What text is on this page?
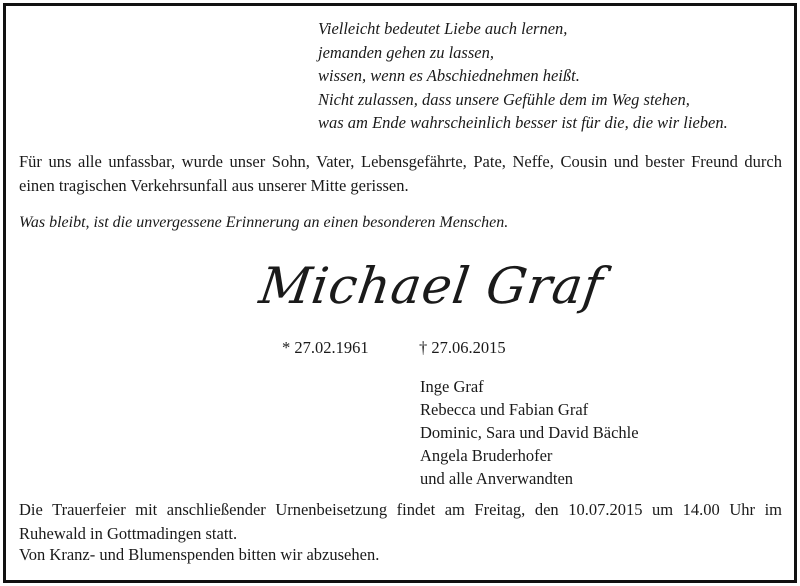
Vielleicht bedeutet Liebe auch lernen,
jemanden gehen zu lassen,
wissen, wenn es Abschiednehmen heißt.
Nicht zulassen, dass unsere Gefühle dem im Weg stehen,
was am Ende wahrscheinlich besser ist für die, die wir lieben.
Für uns alle unfassbar, wurde unser Sohn, Vater, Lebensgefährte, Pate, Neffe, Cousin und bester Freund durch einen tragischen Verkehrsunfall aus unserer Mitte gerissen.
Was bleibt, ist die unvergessene Erinnerung an einen besonderen Menschen.
Michael Graf
* 27.02.1961	† 27.06.2015
Inge Graf
Rebecca und Fabian Graf
Dominic, Sara und David Bächle
Angela Bruderhofer
und alle Anverwandten
Die Trauerfeier mit anschließender Urnenbeisetzung findet am Freitag, den 10.07.2015 um 14.00 Uhr im Ruhewald in Gottmadingen statt.
Von Kranz- und Blumenspenden bitten wir abzusehen.
